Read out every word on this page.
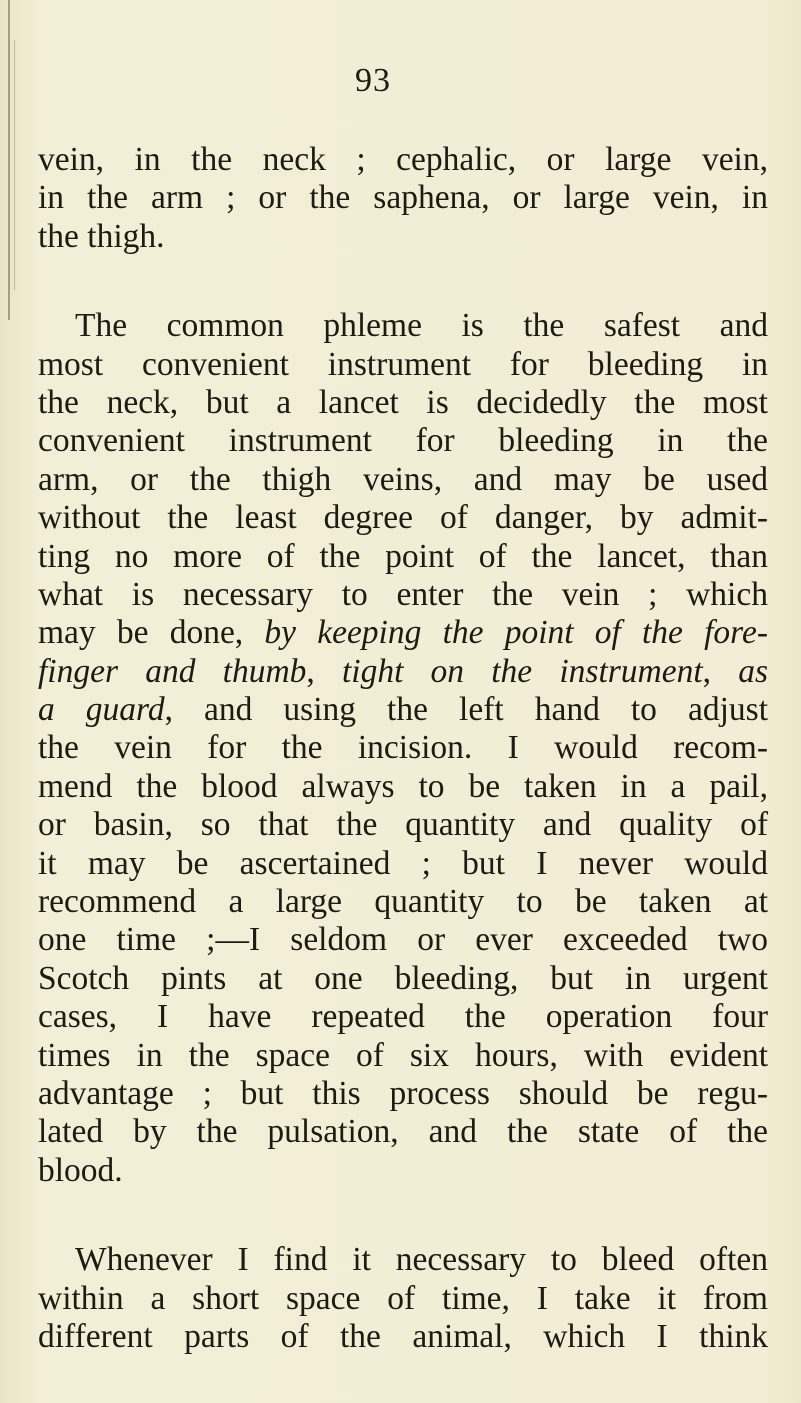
93
vein, in the neck ; cephalic, or large vein,
in the arm ; or the saphena, or large vein, in
the thigh.
The common phleme is the safest and
most convenient instrument for bleeding in
the neck, but a lancet is decidedly the most
convenient instrument for bleeding in the
arm, or the thigh veins, and may be used
without the least degree of danger, by admit-
ting no more of the point of the lancet, than
what is necessary to enter the vein ; which
may be done, by keeping the point of the fore-
finger and thumb, tight on the instrument, as
a guard, and using the left hand to adjust
the vein for the incision. I would recom-
mend the blood always to be taken in a pail,
or basin, so that the quantity and quality of
it may be ascertained ; but I never would
recommend a large quantity to be taken at
one time ;—I seldom or ever exceeded two
Scotch pints at one bleeding, but in urgent
cases, I have repeated the operation four
times in the space of six hours, with evident
advantage ; but this process should be regu-
lated by the pulsation, and the state of the
blood.
Whenever I find it necessary to bleed often
within a short space of time, I take it from
different parts of the animal, which I think
